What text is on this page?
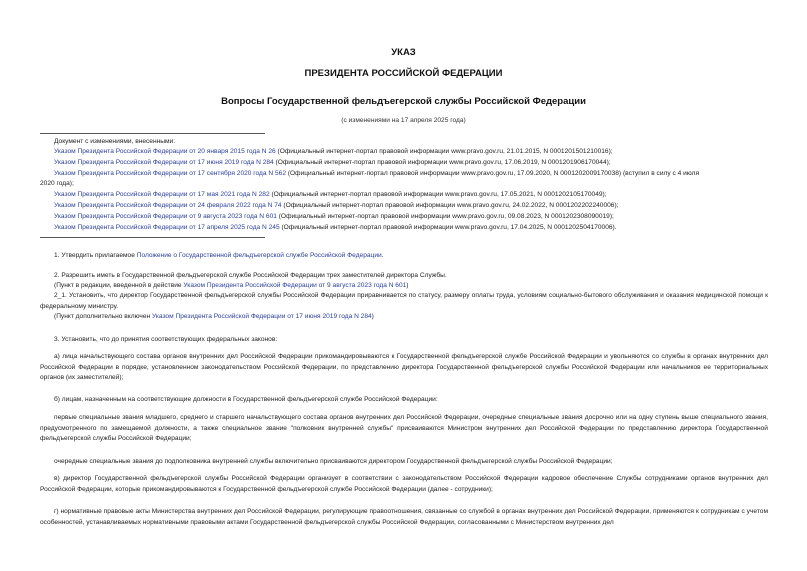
УКАЗ
ПРЕЗИДЕНТА РОССИЙСКОЙ ФЕДЕРАЦИИ
Вопросы Государственной фельдъегерской службы Российской Федерации
(с изменениями на 17 апреля 2025 года)
Документ с изменениями, внесенными:
Указом Президента Российской Федерации от 20 января 2015 года N 26 (Официальный интернет-портал правовой информации www.pravo.gov.ru, 21.01.2015, N 0001201501210016);
Указом Президента Российской Федерации от 17 июня 2019 года N 284 (Официальный интернет-портал правовой информации www.pravo.gov.ru, 17.06.2019, N 0001201906170044);
Указом Президента Российской Федерации от 17 сентября 2020 года N 562 (Официальный интернет-портал правовой информации www.pravo.gov.ru, 17.09.2020, N 0001202009170038) (вступил в силу с 4 июля
2020 года);
Указом Президента Российской Федерации от 17 мая 2021 года N 282 (Официальный интернет-портал правовой информации www.pravo.gov.ru, 17.05.2021, N 0001202105170049);
Указом Президента Российской Федерации от 24 февраля 2022 года N 74 (Официальный интернет-портал правовой информации www.pravo.gov.ru, 24.02.2022, N 0001202202240006);
Указом Президента Российской Федерации от 9 августа 2023 года N 601 (Официальный интернет-портал правовой информации www.pravo.gov.ru, 09.08.2023, N 0001202308090019);
Указом Президента Российской Федерации от 17 апреля 2025 года N 245 (Официальный интернет-портал правовой информации www.pravo.gov.ru, 17.04.2025, N 0001202504170006).
1. Утвердить прилагаемое Положение о Государственной фельдъегерской службе Российской Федерации.
2. Разрешить иметь в Государственной фельдъегерской службе Российской Федерации трех заместителей директора Службы.
(Пункт в редакции, введенной в действие Указом Президента Российской Федерации от 9 августа 2023 года N 601)
2_1. Установить, что директор Государственной фельдъегерской службы Российской Федерации приравнивается по статусу, размеру оплаты труда, условиям социально-бытового обслуживания и оказания медицинской помощи к федеральному министру.
(Пункт дополнительно включен Указом Президента Российской Федерации от 17 июня 2019 года N 284)
3. Установить, что до принятия соответствующих федеральных законов:
а) лица начальствующего состава органов внутренних дел Российской Федерации прикомандировываются к Государственной фельдъегерской службе Российской Федерации и увольняются со службы в органах внутренних дел Российской Федерации в порядке, установленном законодательством Российской Федерации, по представлению директора Государственной фельдъегерской службы Российской Федерации или начальников ее территориальных органов (их заместителей);
б) лицам, назначенным на соответствующие должности в Государственной фельдъегерской службе Российской Федерации:
первые специальные звания младшего, среднего и старшего начальствующего состава органов внутренних дел Российской Федерации, очередные специальные звания досрочно или на одну ступень выше специального звания, предусмотренного по замещаемой должности, а также специальное звание "полковник внутренней службы" присваиваются Министром внутренних дел Российской Федерации по представлению директора Государственной фельдъегерской службы Российской Федерации;
очередные специальные звания до подполковника внутренней службы включительно присваиваются директором Государственной фельдъегерской службы Российской Федерации;
в) директор Государственной фельдъегерской службы Российской Федерации организует в соответствии с законодательством Российской Федерации кадровое обеспечение Службы сотрудниками органов внутренних дел Российской Федерации, которые прикомандировываются к Государственной фельдъегерской службе Российской Федерации (далее - сотрудники);
г) нормативные правовые акты Министерства внутренних дел Российской Федерации, регулирующие правоотношения, связанные со службой в органах внутренних дел Российской Федерации, применяются к сотрудникам с учетом особенностей, устанавливаемых нормативными правовыми актами Государственной фельдъегерской службы Российской Федерации, согласованными с Министерством внутренних дел
